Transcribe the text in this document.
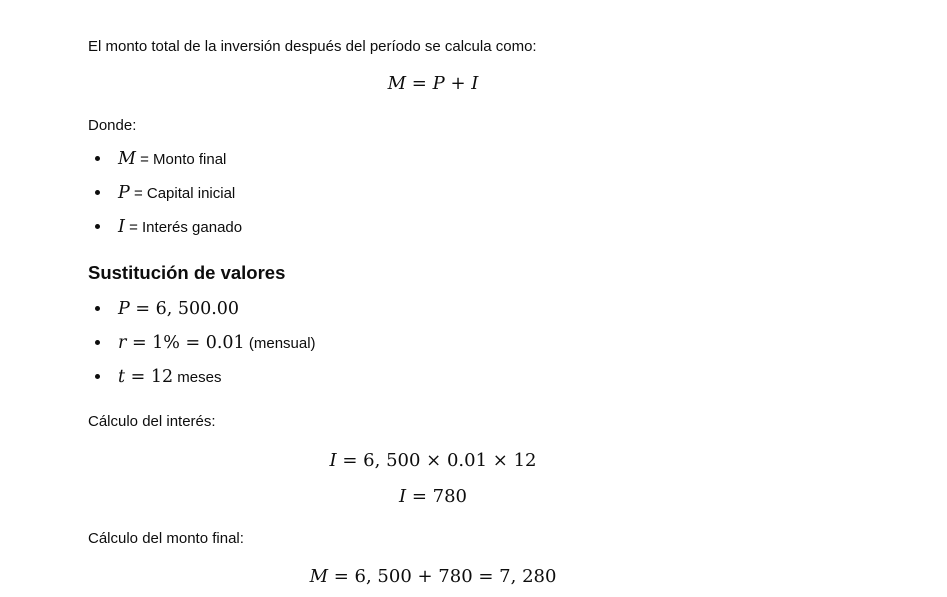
El monto total de la inversión después del período se calcula como:

M = P + I

Donde:

M = Monto final
P = Capital inicial
I = Interés ganado
Sustitución de valores
P = 6, 500.00
r = 1% = 0.01 (mensual)
t = 12 meses

Cálculo del interés:

I = 6, 500 × 0.01 × 12
I = 780

Cálculo del monto final:

M = 6, 500 + 780 = 7, 280
